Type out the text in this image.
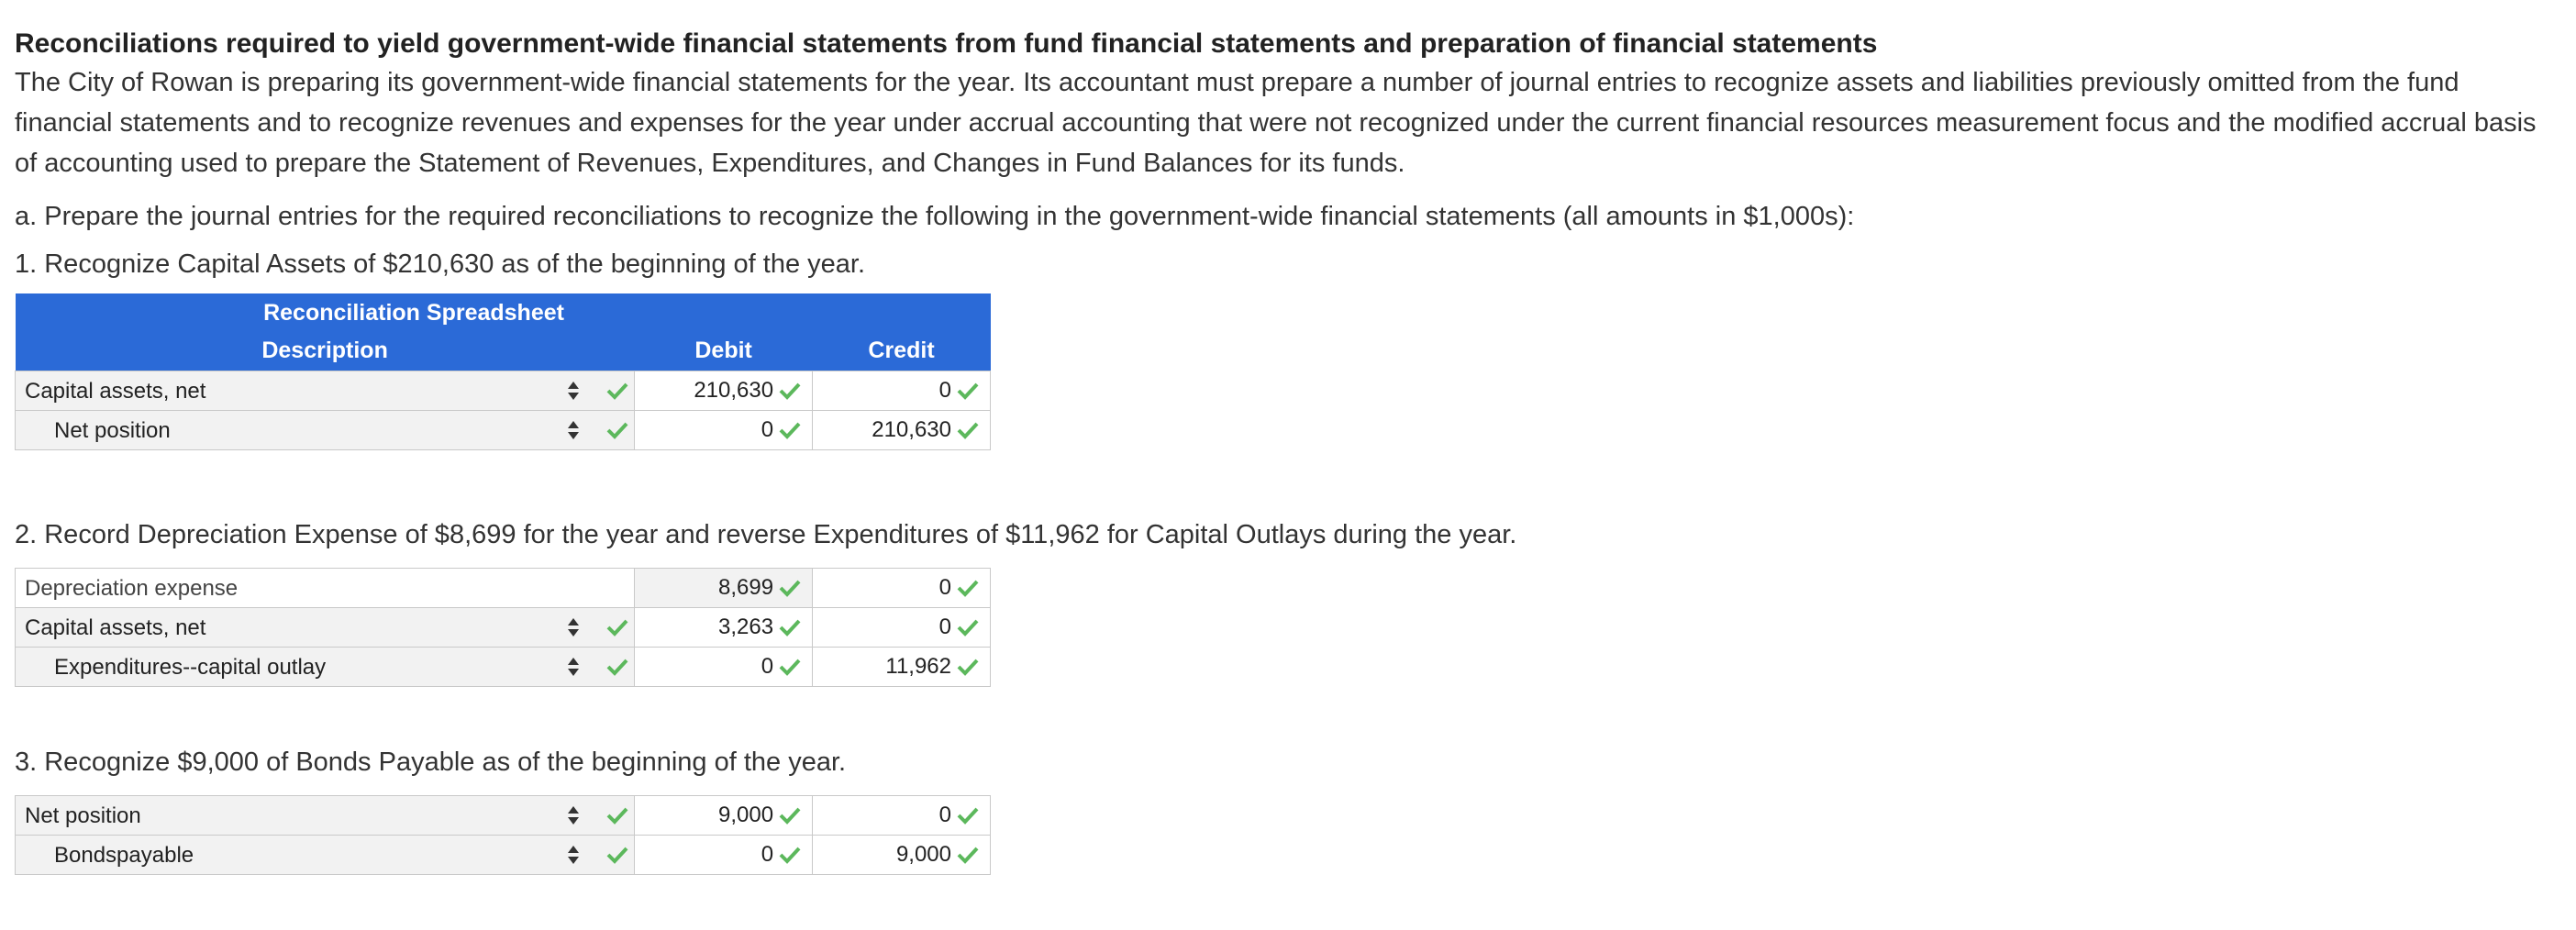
Reconciliations required to yield government-wide financial statements from fund financial statements and preparation of financial statements

The City of Rowan is preparing its government-wide financial statements for the year. Its accountant must prepare a number of journal entries to recognize assets and liabilities previously omitted from the fund financial statements and to recognize revenues and expenses for the year under accrual accounting that were not recognized under the current financial resources measurement focus and the modified accrual basis of accounting used to prepare the Statement of Revenues, Expenditures, and Changes in Fund Balances for its funds.

a. Prepare the journal entries for the required reconciliations to recognize the following in the government-wide financial statements (all amounts in $1,000s):

1. Recognize Capital Assets of $210,630 as of the beginning of the year.

Reconciliation Spreadsheet		
Description	Debit	Credit

Capital assets, net	210,630	0

Net position	0	210,630

2. Record Depreciation Expense of $8,699 for the year and reverse Expenditures of $11,962 for Capital Outlays during the year.

Depreciation expense	8,699	0

Capital assets, net	3,263	0

Expenditures--capital outlay	0	11,962

3. Recognize $9,000 of Bonds Payable as of the beginning of the year.

Net position	9,000	0

Bondspayable	0	9,000
